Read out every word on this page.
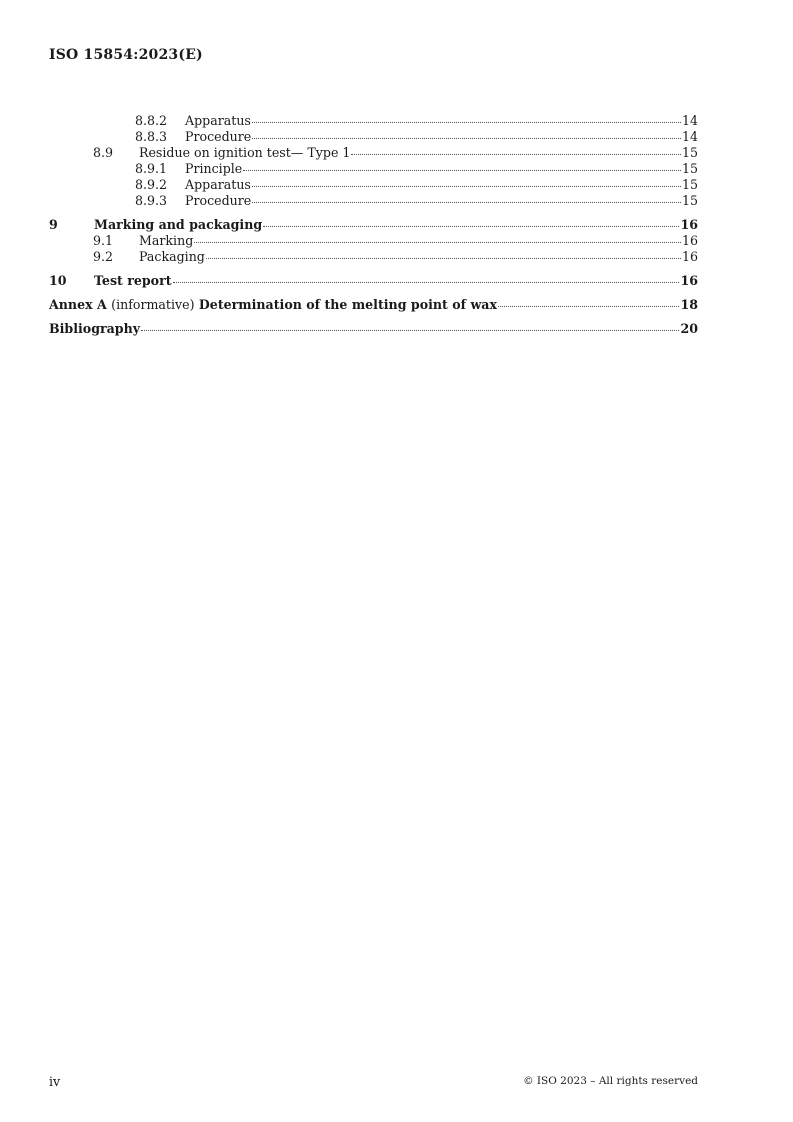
ISO 15854:2023(E)
8.8.2	Apparatus	14
8.8.3	Procedure	14
8.9	Residue on ignition test— Type 1	15
8.9.1	Principle	15
8.9.2	Apparatus	15
8.9.3	Procedure	15
9	Marking and packaging	16
9.1	Marking	16
9.2	Packaging	16
10	Test report	16
Annex A (informative) Determination of the melting point of wax	18
Bibliography	20
iv	© ISO 2023 – All rights reserved
